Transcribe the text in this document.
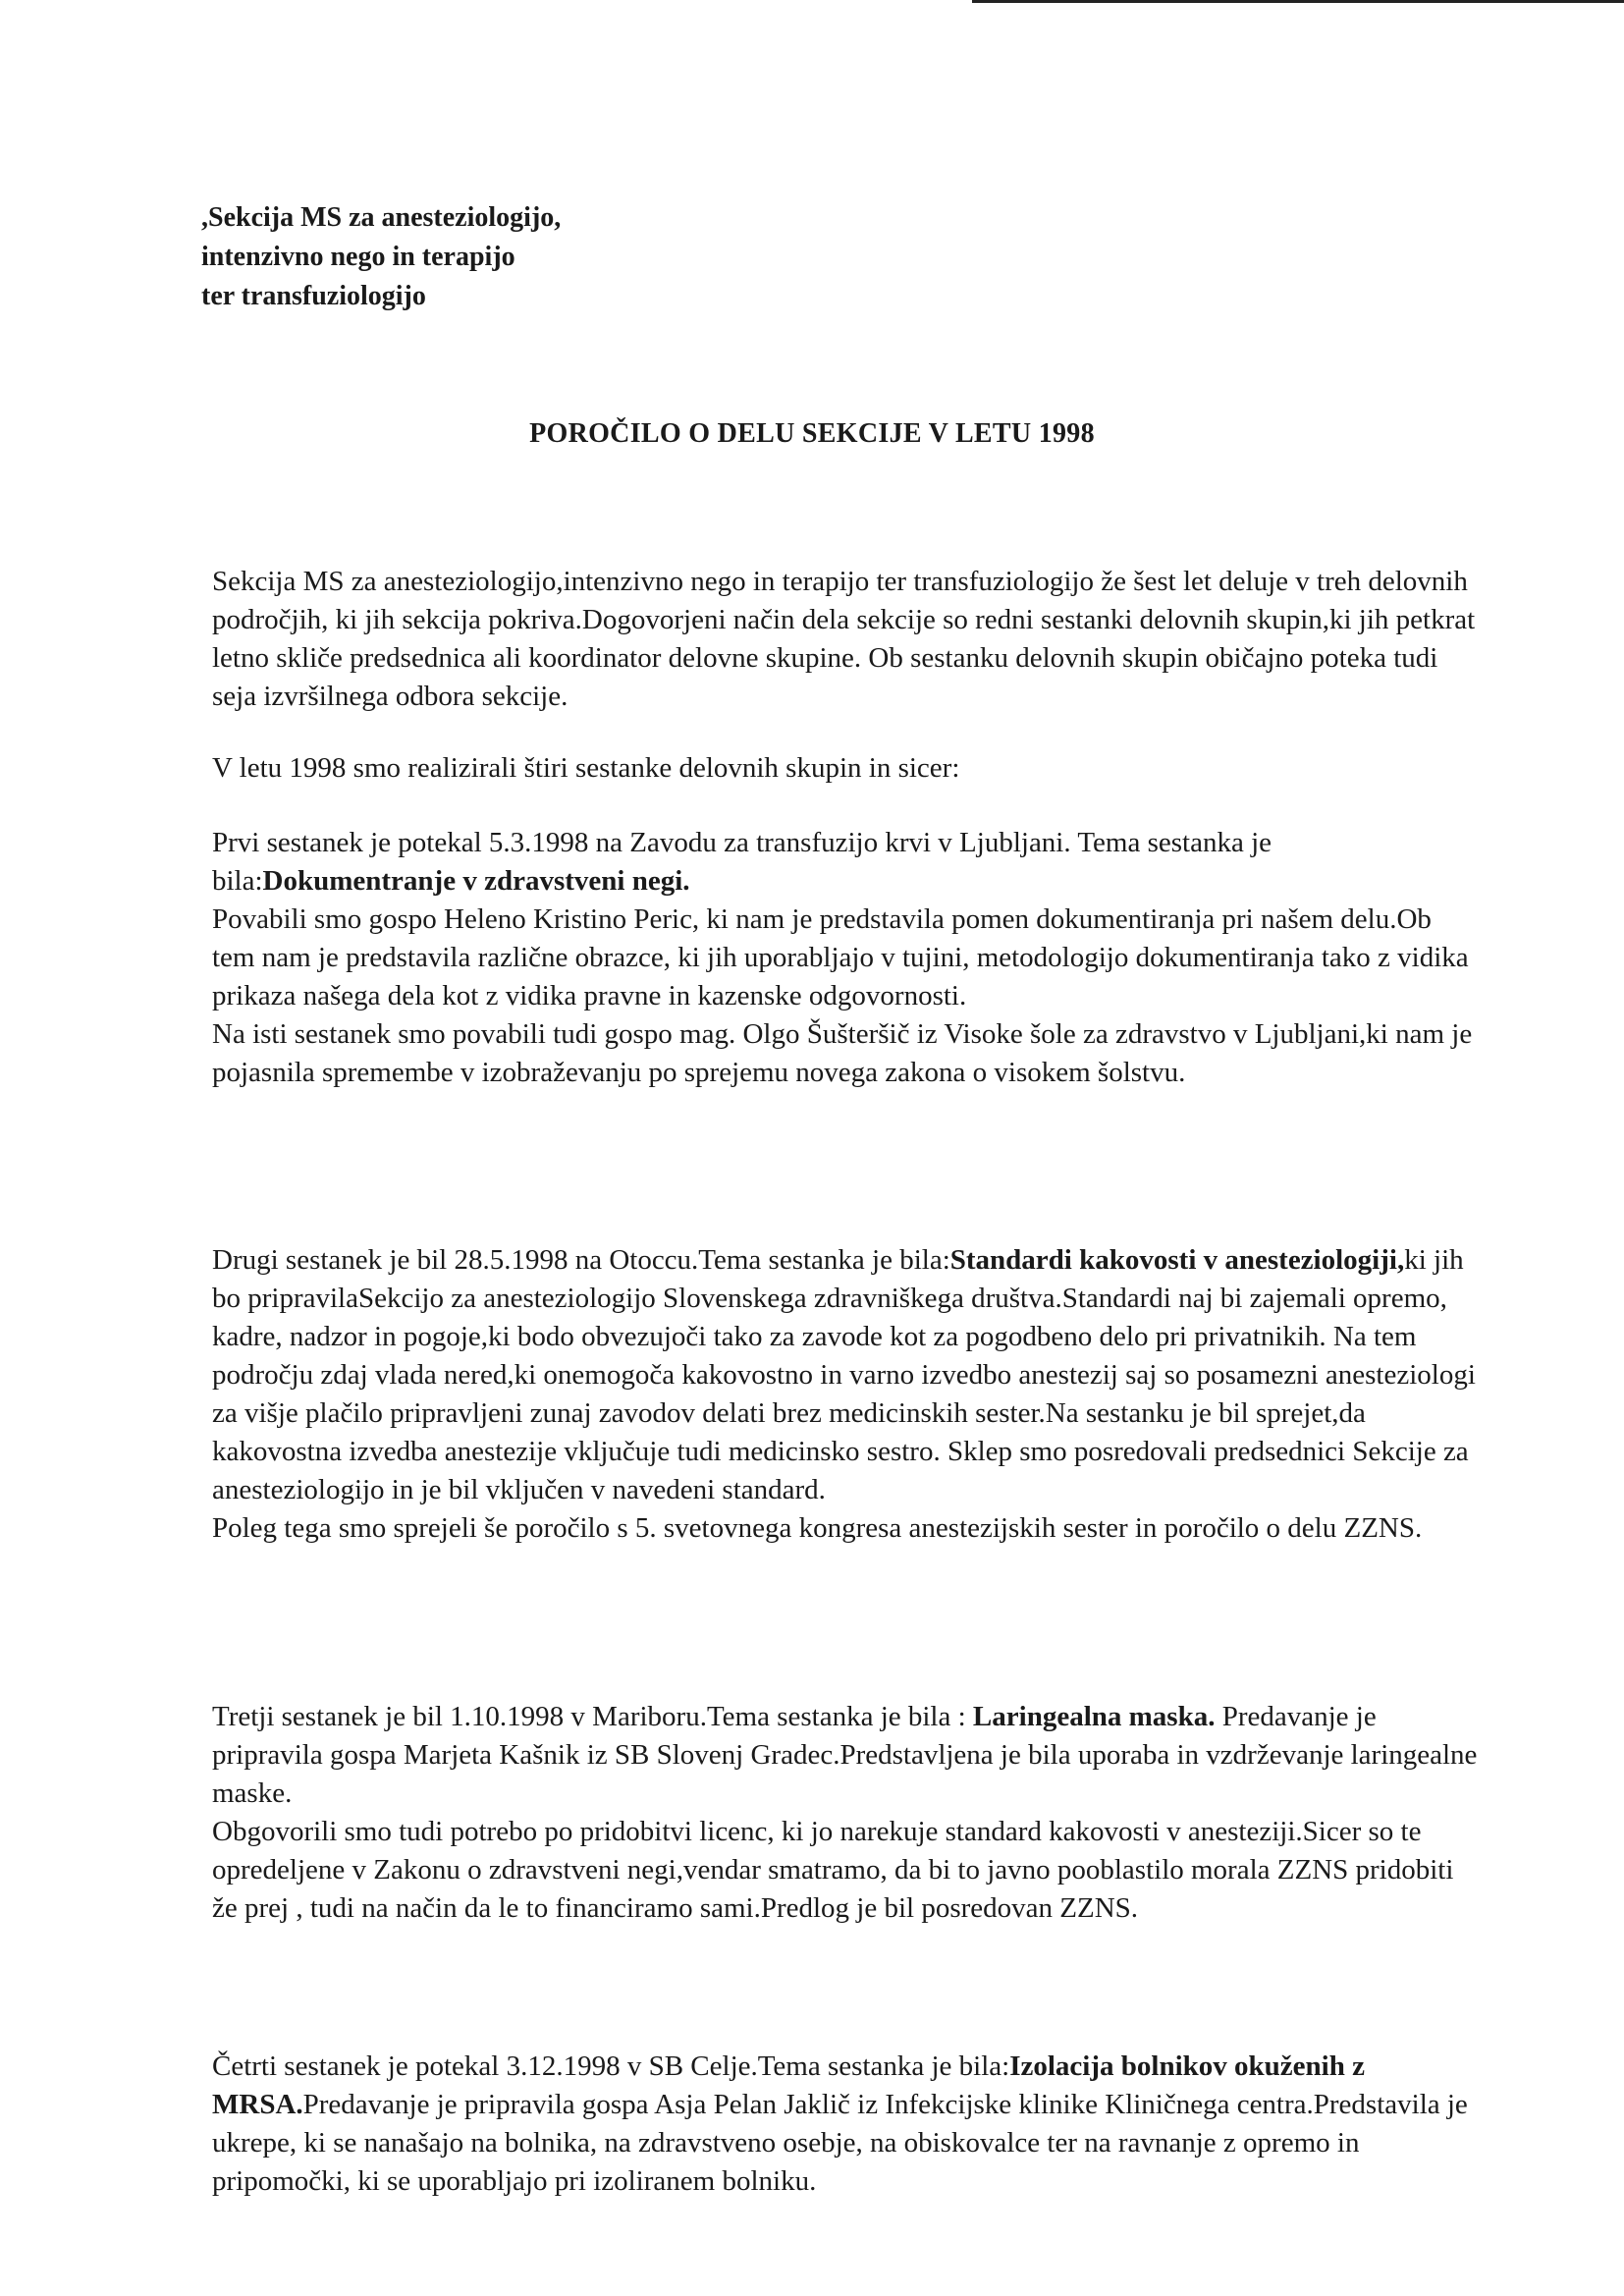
,Sekcija MS za anesteziologijo,
intenzivno nego in terapijo
ter transfuziologijo
POROČILO O DELU SEKCIJE V LETU 1998

Sekcija MS za anesteziologijo,intenzivno nego in terapijo ter transfuziologijo že šest let deluje v treh delovnih področjih, ki jih sekcija pokriva.Dogovorjeni način dela sekcije so redni sestanki delovnih skupin,ki jih petkrat letno skliče predsednica ali koordinator delovne skupine. Ob sestanku delovnih skupin običajno poteka tudi seja izvršilnega odbora sekcije.

V letu 1998 smo realizirali štiri sestanke delovnih skupin in sicer:

Prvi sestanek je potekal 5.3.1998 na Zavodu za transfuzijo krvi v Ljubljani. Tema sestanka je bila:Dokumentranje v zdravstveni negi.

Povabili smo gospo Heleno Kristino Peric, ki nam je predstavila pomen dokumentiranja pri našem delu.Ob tem nam je predstavila različne obrazce, ki jih uporabljajo v tujini, metodologijo dokumentiranja tako z vidika prikaza našega dela kot z vidika pravne in kazenske odgovornosti.

Na isti sestanek smo povabili tudi gospo mag. Olgo Šušteršič iz Visoke šole za zdravstvo v Ljubljani,ki nam je pojasnila spremembe v izobraževanju po sprejemu novega zakona o visokem šolstvu.

Drugi sestanek je bil 28.5.1998 na Otoccu.Tema sestanka je bila:Standardi kakovosti v anesteziologiji,ki jih bo pripravilaSekcijo za anesteziologijo Slovenskega zdravniškega društva.Standardi naj bi zajemali opremo, kadre, nadzor in pogoje,ki bodo obvezujoči tako za zavode kot za pogodbeno delo pri privatnikih. Na tem področju zdaj vlada nered,ki onemogoča kakovostno in varno izvedbo anestezij saj so posamezni anesteziologi za višje plačilo pripravljeni zunaj zavodov delati brez medicinskih sester.Na sestanku je bil sprejet,da kakovostna izvedba anestezije vključuje tudi medicinsko sestro. Sklep smo posredovali predsednici Sekcije za anesteziologijo in je bil vključen v navedeni standard.

Poleg tega smo sprejeli še poročilo s 5. svetovnega kongresa anestezijskih sester in poročilo o delu ZZNS.

Tretji sestanek je bil 1.10.1998 v Mariboru.Tema sestanka je bila : Laringealna maska. Predavanje je pripravila gospa Marjeta Kašnik iz SB Slovenj Gradec.Predstavljena je bila uporaba in vzdrževanje laringealne maske.

Obgovorili smo tudi potrebo po pridobitvi licenc, ki jo narekuje standard kakovosti v anesteziji.Sicer so te opredeljene v Zakonu o zdravstveni negi,vendar smatramo, da bi to javno pooblastilo morala ZZNS pridobiti že prej , tudi na način da le to financiramo sami.Predlog je bil posredovan ZZNS.

Četrti sestanek je potekal 3.12.1998 v SB Celje.Tema sestanka je bila:Izolacija bolnikov okuženih z MRSA.Predavanje je pripravila gospa Asja Pelan Jaklič iz Infekcijske klinike Kliničnega centra.Predstavila je ukrepe, ki se nanašajo na bolnika, na zdravstveno osebje, na obiskovalce ter na ravnanje z opremo in pripomočki, ki se uporabljajo pri izoliranem bolniku.
